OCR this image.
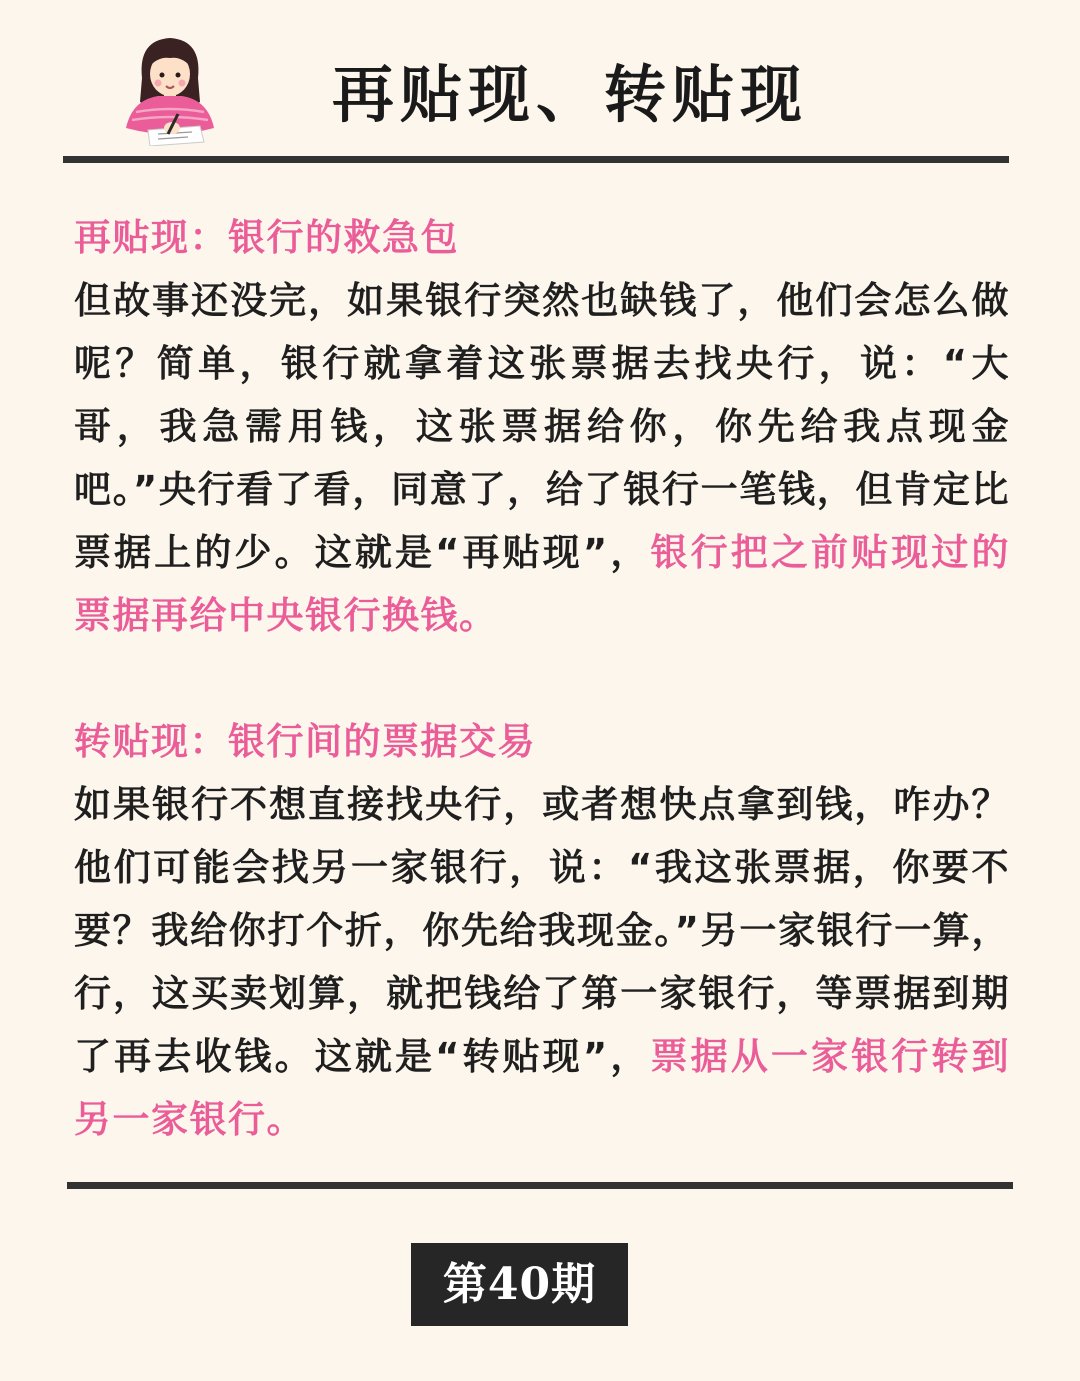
再贴现、转贴现
再贴现：银行的救急包
但故事还没完，如果银行突然也缺钱了，他们会怎么做呢？简单，银行就拿着这张票据去找央行，说：“大哥，我急需用钱，这张票据给你，你先给我点现金吧。”央行看了看，同意了，给了银行一笔钱，但肯定比票据上的少。这就是“再贴现”，银行把之前贴现过的票据再给中央银行换钱。
转贴现：银行间的票据交易
如果银行不想直接找央行，或者想快点拿到钱，咋办？他们可能会找另一家银行，说：“我这张票据，你要不要？我给你打个折，你先给我现金。”另一家银行一算，行，这买卖划算，就把钱给了第一家银行，等票据到期了再去收钱。这就是“转贴现”，票据从一家银行转到另一家银行。
第40期
